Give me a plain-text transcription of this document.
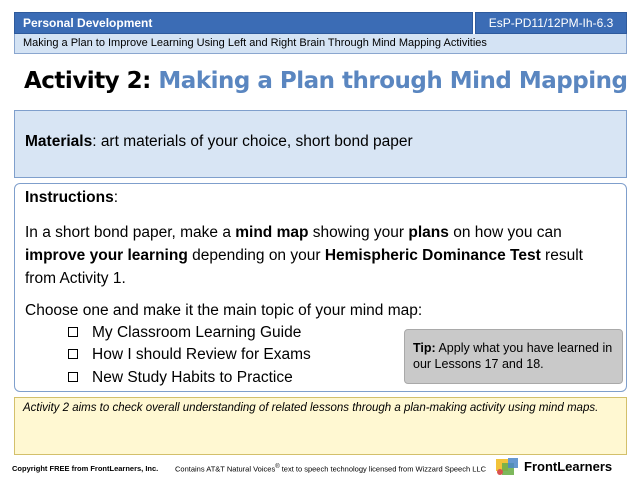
Personal Development	EsP-PD11/12PM-Ih-6.3
Making a Plan to Improve Learning Using Left and Right Brain Through Mind Mapping Activities
Activity 2: Making a Plan through Mind Mapping
Materials: art materials of your choice, short bond paper
Instructions:
In a short bond paper, make a mind map showing your plans on how you can improve your learning depending on your Hemispheric Dominance Test result from Activity 1.
Choose one and make it the main topic of your mind map:
My Classroom Learning Guide
How I should Review for Exams
New Study Habits to Practice
Tip: Apply what you have learned in our Lessons 17 and 18.
Activity 2 aims to check overall understanding of related lessons through a plan-making activity using mind maps.
Copyright FREE from FrontLearners, Inc. Contains AT&T Natural Voices® text to speech technology licensed from Wizzard Speech LLC	FrontLearners
